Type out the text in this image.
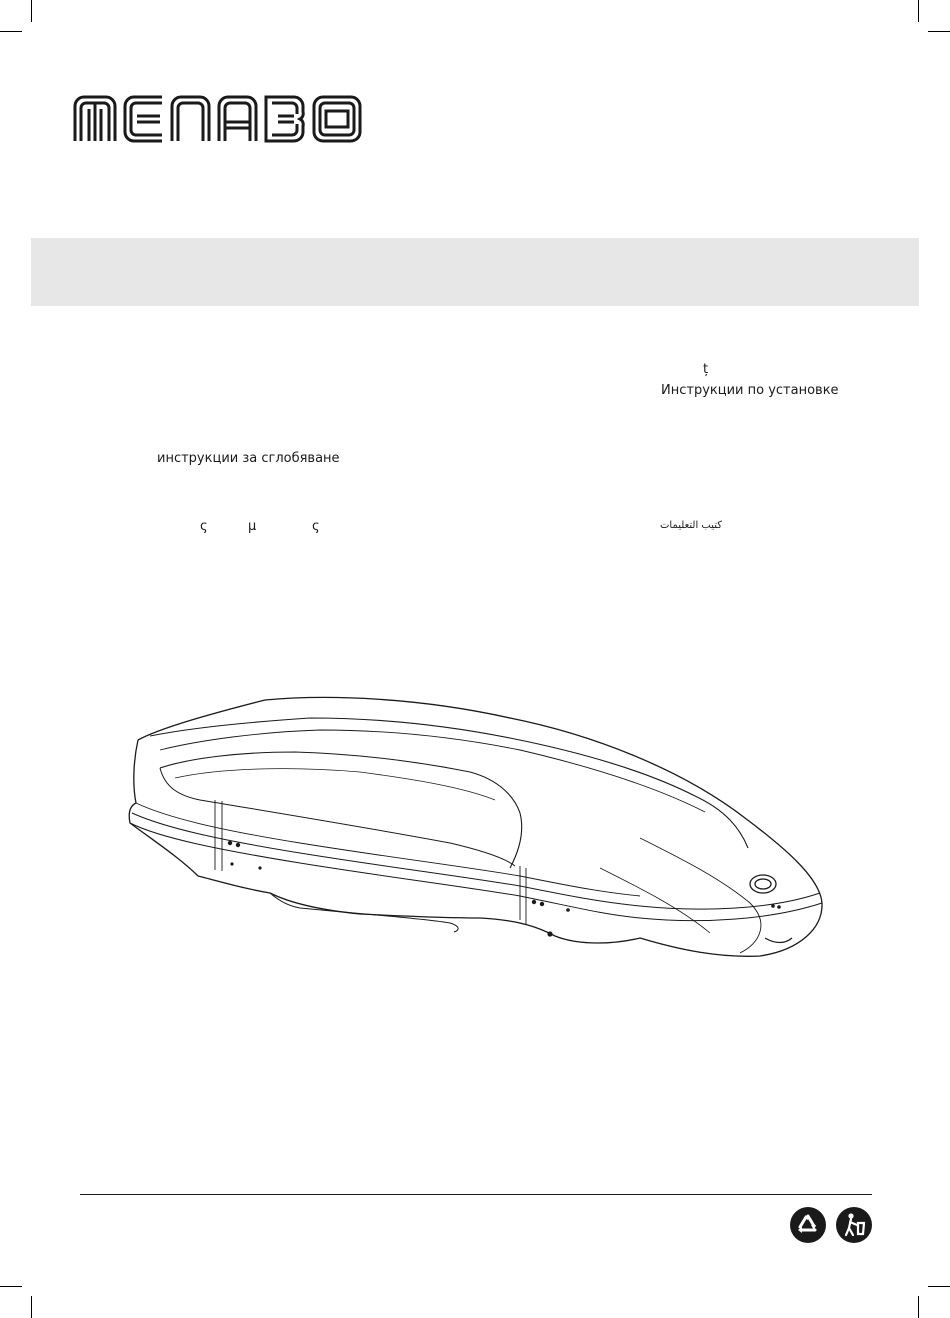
ț
Инструкции по установке
инструкции за сглобяване
ς	μ	ς	كتيب التعليمات
